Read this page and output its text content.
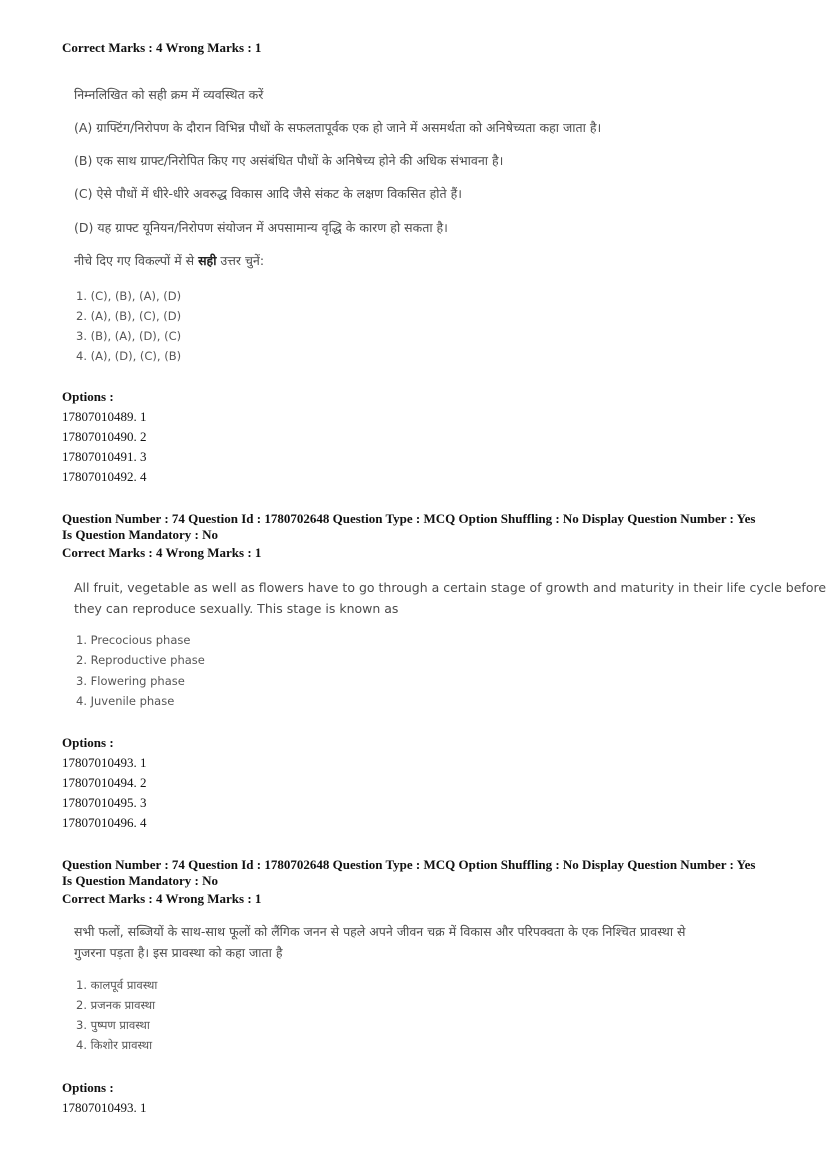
Correct Marks : 4 Wrong Marks : 1
निम्नलिखित को सही क्रम में व्यवस्थित करें
(A) ग्राफ्टिंग/निरोपण के दौरान विभिन्न पौधों के सफलतापूर्वक एक हो जाने में असमर्थता को अनिषेच्यता कहा जाता है।
(B) एक साथ ग्राफ्ट/निरोपित किए गए असंबंधित पौधों के अनिषेच्य होने की अधिक संभावना है।
(C) ऐसे पौधों में धीरे-धीरे अवरुद्ध विकास आदि जैसे संकट के लक्षण विकसित होते हैं।
(D) यह ग्राफ्ट यूनियन/निरोपण संयोजन में अपसामान्य वृद्धि के कारण हो सकता है।
नीचे दिए गए विकल्पों में से सही उत्तर चुनें:
1. (C), (B), (A), (D)
2. (A), (B), (C), (D)
3. (B), (A), (D), (C)
4. (A), (D), (C), (B)
Options :
17807010489. 1
17807010490. 2
17807010491. 3
17807010492. 4
Question Number : 74 Question Id : 1780702648 Question Type : MCQ Option Shuffling : No Display Question Number : Yes
Is Question Mandatory : No
Correct Marks : 4 Wrong Marks : 1
All fruit, vegetable as well as flowers have to go through a certain stage of growth and maturity in their life cycle before
they can reproduce sexually. This stage is known as
1. Precocious phase
2. Reproductive phase
3. Flowering phase
4. Juvenile phase
Options :
17807010493. 1
17807010494. 2
17807010495. 3
17807010496. 4
Question Number : 74 Question Id : 1780702648 Question Type : MCQ Option Shuffling : No Display Question Number : Yes
Is Question Mandatory : No
Correct Marks : 4 Wrong Marks : 1
सभी फलों, सब्जियों के साथ-साथ फूलों को लैंगिक जनन से पहले अपने जीवन चक्र में विकास और परिपक्वता के एक निश्चित प्रावस्था से
गुजरना पड़ता है। इस प्रावस्था को कहा जाता है
1. कालपूर्व प्रावस्था
2. प्रजनक प्रावस्था
3. पुष्पण प्रावस्था
4. किशोर प्रावस्था
Options :
17807010493. 1
